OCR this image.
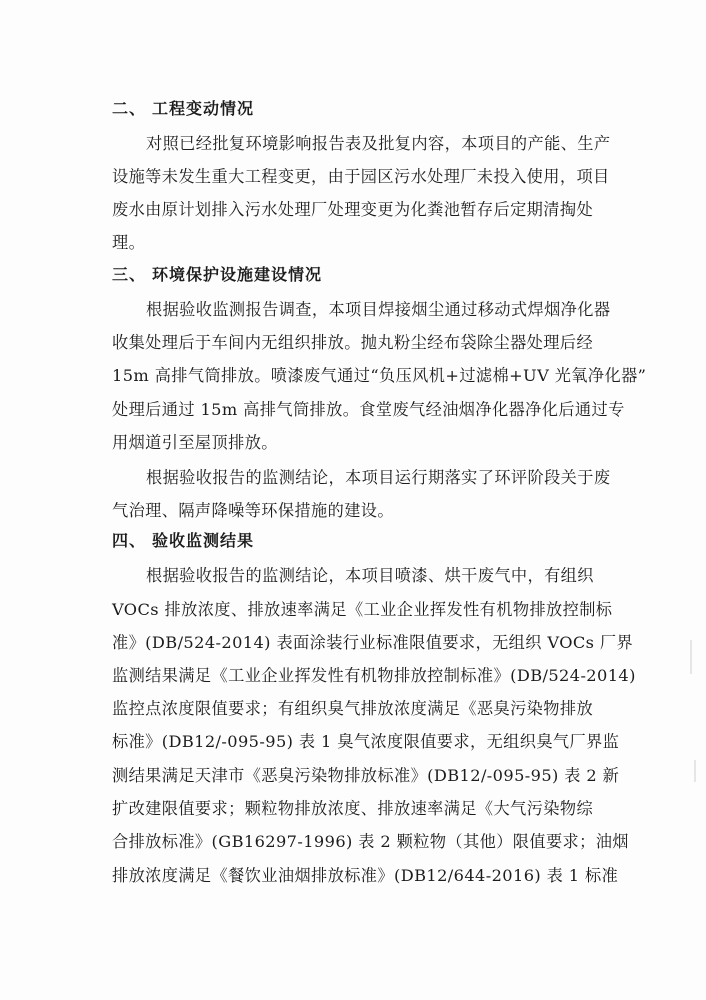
二、 工程变动情况
对照已经批复环境影响报告表及批复内容，本项目的产能、生产
设施等未发生重大工程变更，由于园区污水处理厂未投入使用，项目
废水由原计划排入污水处理厂处理变更为化粪池暂存后定期清掏处
理。
三、 环境保护设施建设情况
根据验收监测报告调查，本项目焊接烟尘通过移动式焊烟净化器
收集处理后于车间内无组织排放。抛丸粉尘经布袋除尘器处理后经
15m 高排气筒排放。喷漆废气通过“负压风机+过滤棉+UV 光氧净化器”
处理后通过 15m 高排气筒排放。食堂废气经油烟净化器净化后通过专
用烟道引至屋顶排放。
根据验收报告的监测结论，本项目运行期落实了环评阶段关于废
气治理、隔声降噪等环保措施的建设。
四、 验收监测结果
根据验收报告的监测结论，本项目喷漆、烘干废气中，有组织
VOCs 排放浓度、排放速率满足《工业企业挥发性有机物排放控制标
准》(DB/524-2014) 表面涂装行业标准限值要求，无组织 VOCs 厂界
监测结果满足《工业企业挥发性有机物排放控制标准》(DB/524-2014)
监控点浓度限值要求；有组织臭气排放浓度满足《恶臭污染物排放
标准》(DB12/-095-95) 表 1 臭气浓度限值要求，无组织臭气厂界监
测结果满足天津市《恶臭污染物排放标准》(DB12/-095-95) 表 2 新
扩改建限值要求；颗粒物排放浓度、排放速率满足《大气污染物综
合排放标准》(GB16297-1996) 表 2 颗粒物（其他）限值要求；油烟
排放浓度满足《餐饮业油烟排放标准》(DB12/644-2016) 表 1 标准
